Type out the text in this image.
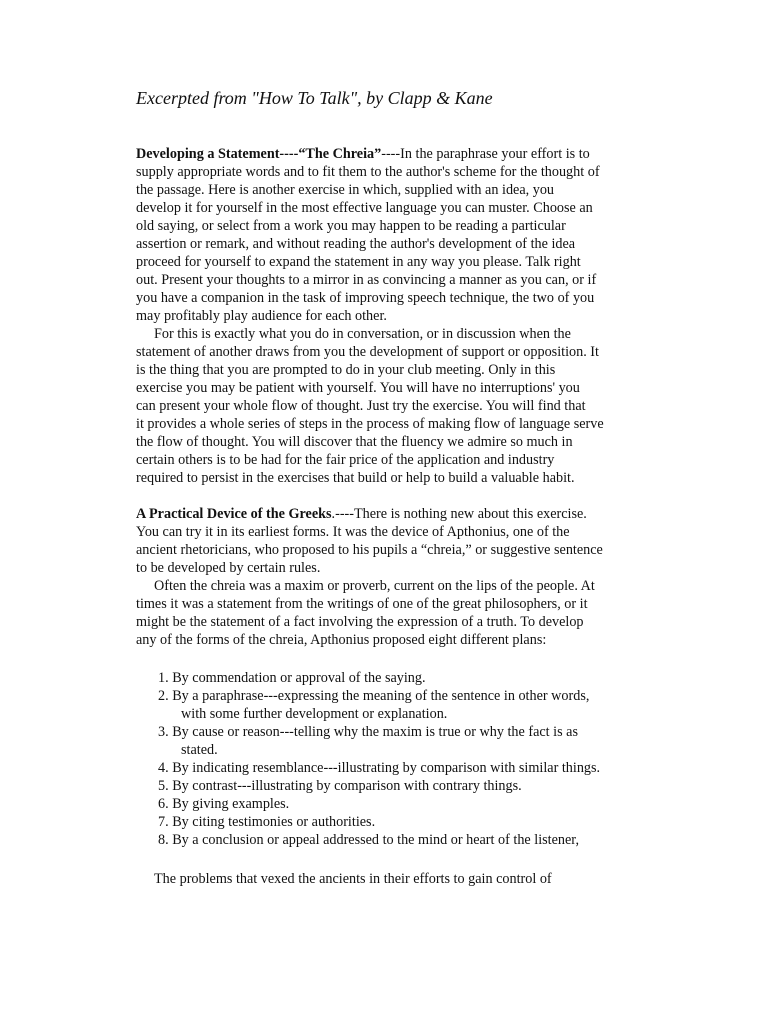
Excerpted from "How To Talk", by Clapp & Kane
Developing a Statement----“The Chreia”----In the paraphrase your effort is to
supply appropriate words and to fit them to the author's scheme for the thought of
the passage. Here is another exercise in which, supplied with an idea, you
develop it for yourself in the most effective language you can muster. Choose an
old saying, or select from a work you may happen to be reading a particular
assertion or remark, and without reading the author's development of the idea
proceed for yourself to expand the statement in any way you please. Talk right
out. Present your thoughts to a mirror in as convincing a manner as you can, or if
you have a companion in the task of improving speech technique, the two of you
may profitably play audience for each other.
For this is exactly what you do in conversation, or in discussion when the
statement of another draws from you the development of support or opposition. It
is the thing that you are prompted to do in your club meeting. Only in this
exercise you may be patient with yourself. You will have no interruptions' you
can present your whole flow of thought. Just try the exercise. You will find that
it provides a whole series of steps in the process of making flow of language serve
the flow of thought. You will discover that the fluency we admire so much in
certain others is to be had for the fair price of the application and industry
required to persist in the exercises that build or help to build a valuable habit.
A Practical Device of the Greeks.----There is nothing new about this exercise.
You can try it in its earliest forms. It was the device of Apthonius, one of the
ancient rhetoricians, who proposed to his pupils a “chreia,” or suggestive sentence
to be developed by certain rules.
Often the chreia was a maxim or proverb, current on the lips of the people. At
times it was a statement from the writings of one of the great philosophers, or it
might be the statement of a fact involving the expression of a truth. To develop
any of the forms of the chreia, Apthonius proposed eight different plans:
1. By commendation or approval of the saying.
2. By a paraphrase---expressing the meaning of the sentence in other words,
with some further development or explanation.
3. By cause or reason---telling why the maxim is true or why the fact is as
stated.
4. By indicating resemblance---illustrating by comparison with similar things.
5. By contrast---illustrating by comparison with contrary things.
6. By giving examples.
7. By citing testimonies or authorities.
8. By a conclusion or appeal addressed to the mind or heart of the listener,
The problems that vexed the ancients in their efforts to gain control of
